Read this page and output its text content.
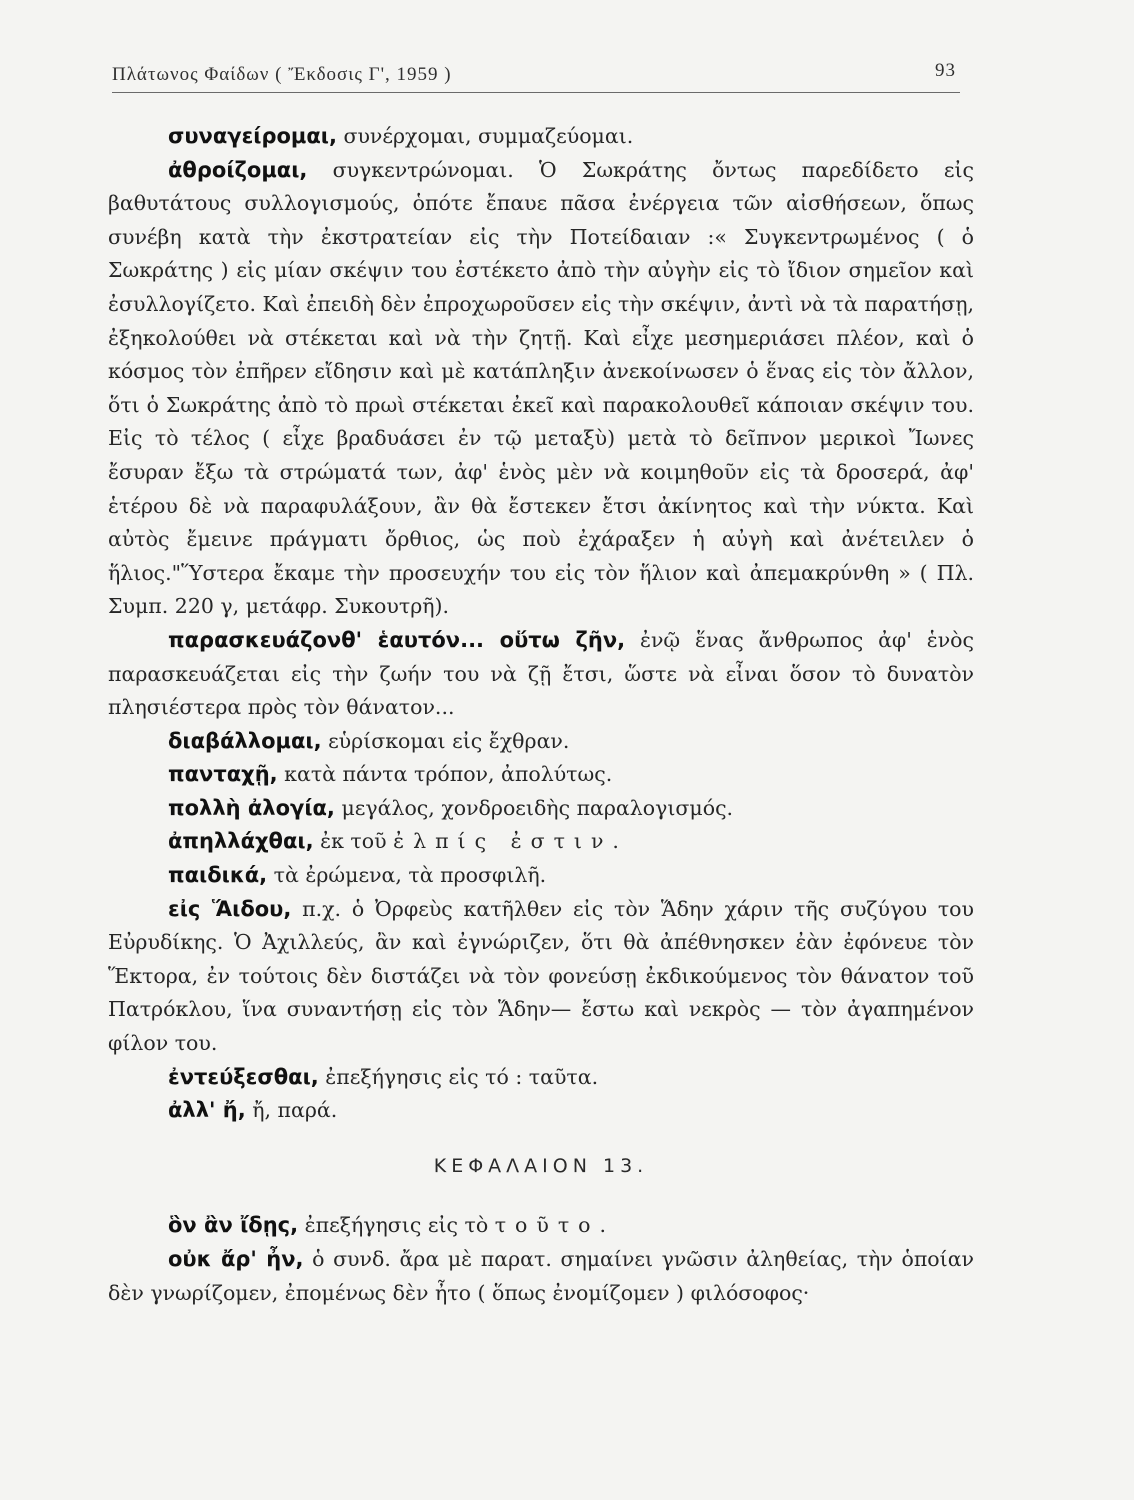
Πλάτωνος Φαίδων ( Ἔκδοσις Γ', 1959 )	93

συναγείρομαι, συνέρχομαι, συμμαζεύομαι.

ἀθροίζομαι, συγκεντρώνομαι. Ὁ Σωκράτης ὄντως παρεδίδετο εἰς βαθυτάτους συλλογισμούς, ὁπότε ἔπαυε πᾶσα ἐνέργεια τῶν αἰσθήσεων, ὅπως συνέβη κατὰ τὴν ἐκστρατείαν εἰς τὴν Ποτείδαιαν :« Συγκεντρωμένος ( ὁ Σωκράτης ) εἰς μίαν σκέψιν του ἐστέκετο ἀπὸ τὴν αὐγὴν εἰς τὸ ἴδιον σημεῖον καὶ ἐσυλλογίζετο. Καὶ ἐπειδὴ δὲν ἐπροχωροῦσεν εἰς τὴν σκέψιν, ἀντὶ νὰ τὰ παρατήσῃ, ἐξηκολούθει νὰ στέκεται καὶ νὰ τὴν ζητῇ. Καὶ εἶχε μεσημεριάσει πλέον, καὶ ὁ κόσμος τὸν ἐπῆρεν εἴδησιν καὶ μὲ κατάπληξιν ἀνεκοίνωσεν ὁ ἕνας εἰς τὸν ἄλλον, ὅτι ὁ Σωκράτης ἀπὸ τὸ πρωὶ στέκεται ἐκεῖ καὶ παρακολουθεῖ κάποιαν σκέψιν του. Εἰς τὸ τέλος ( εἶχε βραδυάσει ἐν τῷ μεταξὺ) μετὰ τὸ δεῖπνον μερικοὶ Ἴωνες ἔσυραν ἔξω τὰ στρώματά των, ἀφ' ἑνὸς μὲν νὰ κοιμηθοῦν εἰς τὰ δροσερά, ἀφ' ἑτέρου δὲ νὰ παραφυλάξουν, ἂν θὰ ἔστεκεν ἔτσι ἀκίνητος καὶ τὴν νύκτα. Καὶ αὐτὸς ἔμεινε πράγματι ὄρθιος, ὡς ποὺ ἐχάραξεν ἡ αὐγὴ καὶ ἀνέτειλεν ὁ ἥλιος."Ὕστερα ἔκαμε τὴν προσευχήν του εἰς τὸν ἥλιον καὶ ἀπεμακρύνθη » ( Πλ. Συμπ. 220 γ, μετάφρ. Συκουτρῆ).

παρασκευάζονθ' ἑαυτόν... οὕτω ζῆν, ἐνῷ ἕνας ἄνθρωπος ἀφ' ἑνὸς παρασκευάζεται εἰς τὴν ζωήν του νὰ ζῇ ἔτσι, ὥστε νὰ εἶναι ὅσον τὸ δυνατὸν πλησιέστερα πρὸς τὸν θάνατον...

διαβάλλομαι, εὑρίσκομαι εἰς ἔχθραν.

πανταχῇ, κατὰ πάντα τρόπον, ἀπολύτως.

πολλὴ ἀλογία, μεγάλος, χονδροειδὴς παραλογισμός.

ἀπηλλάχθαι, ἐκ τοῦ ἐλπίς ἐστιν.

παιδικά, τὰ ἐρώμενα, τὰ προσφιλῆ.

εἰς Ἅιδου, π.χ. ὁ Ὀρφεὺς κατῆλθεν εἰς τὸν Ἅδην χάριν τῆς συζύγου του Εὐρυδίκης. Ὁ Ἀχιλλεύς, ἂν καὶ ἐγνώριζεν, ὅτι θὰ ἀπέθνησκεν ἐὰν ἐφόνευε τὸν Ἕκτορα, ἐν τούτοις δὲν διστάζει νὰ τὸν φονεύσῃ ἐκδικούμενος τὸν θάνατον τοῦ Πατρόκλου, ἵνα συναντήσῃ εἰς τὸν Ἅδην— ἔστω καὶ νεκρὸς — τὸν ἀγαπημένον φίλον του.

ἐντεύξεσθαι, ἐπεξήγησις εἰς τό : ταῦτα.

ἀλλ' ἤ, ἤ, παρά.

ΚΕΦΑΛΑΙΟΝ 13.

ὃν ἂν ἴδῃς, ἐπεξήγησις εἰς τὸ τοῦτο.

οὐκ ἄρ' ἦν, ὁ συνδ. ἄρα μὲ παρατ. σημαίνει γνῶσιν ἀληθείας, τὴν ὁποίαν δὲν γνωρίζομεν, ἐπομένως δὲν ἦτο ( ὅπως ἐνομίζομεν ) φιλόσοφος·
